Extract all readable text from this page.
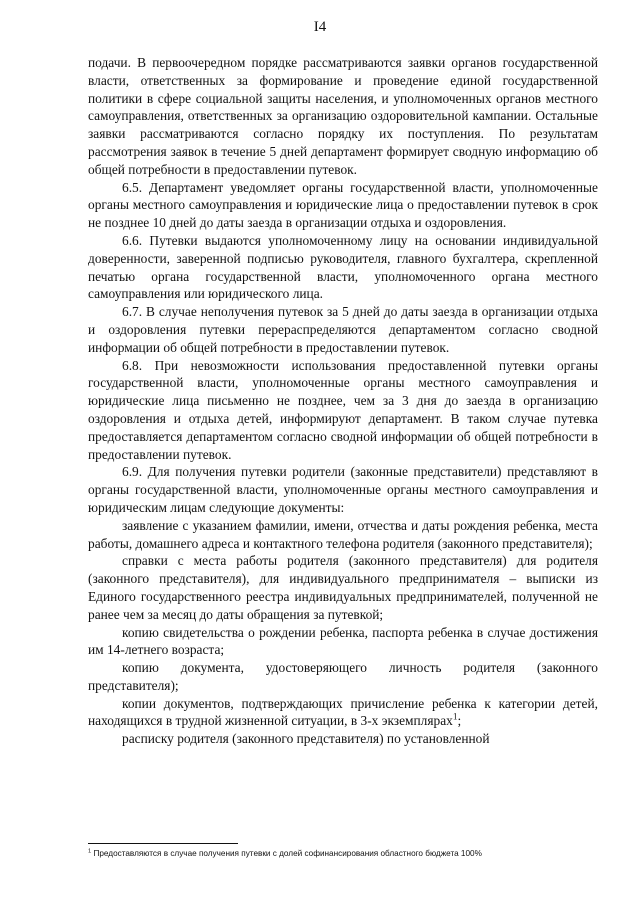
I4

подачи. В первоочередном порядке рассматриваются заявки органов государственной власти, ответственных за формирование и проведение единой государственной политики в сфере социальной защиты населения, и уполномоченных органов местного самоуправления, ответственных за организацию оздоровительной кампании. Остальные заявки рассматриваются согласно порядку их поступления. По результатам рассмотрения заявок в течение 5 дней департамент формирует сводную информацию об общей потребности в предоставлении путевок.

6.5. Департамент уведомляет органы государственной власти, уполномоченные органы местного самоуправления и юридические лица о предоставлении путевок в срок не позднее 10 дней до даты заезда в организации отдыха и оздоровления.

6.6. Путевки выдаются уполномоченному лицу на основании индивидуальной доверенности, заверенной подписью руководителя, главного бухгалтера, скрепленной печатью органа государственной власти, уполномоченного органа местного самоуправления или юридического лица.

6.7. В случае неполучения путевок за 5 дней до даты заезда в организации отдыха и оздоровления путевки перераспределяются департаментом согласно сводной информации об общей потребности в предоставлении путевок.

6.8. При невозможности использования предоставленной путевки органы государственной власти, уполномоченные органы местного самоуправления и юридические лица письменно не позднее, чем за 3 дня до заезда в организацию оздоровления и отдыха детей, информируют департамент. В таком случае путевка предоставляется департаментом согласно сводной информации об общей потребности в предоставлении путевок.

6.9. Для получения путевки родители (законные представители) представляют в органы государственной власти, уполномоченные органы местного самоуправления и юридическим лицам следующие документы:

заявление с указанием фамилии, имени, отчества и даты рождения ребенка, места работы, домашнего адреса и контактного телефона родителя (законного представителя);

справки с места работы родителя (законного представителя) для родителя (законного представителя), для индивидуального предпринимателя – выписки из Единого государственного реестра индивидуальных предпринимателей, полученной не ранее чем за месяц до даты обращения за путевкой;

копию свидетельства о рождении ребенка, паспорта ребенка в случае достижения им 14-летнего возраста;

копию документа, удостоверяющего личность родителя (законного представителя);

копии документов, подтверждающих причисление ребенка к категории детей, находящихся в трудной жизненной ситуации, в 3-х экземплярах$^1$;

расписку родителя (законного представителя) по установленной

$^1$ Предоставляются в случае получения путевки с долей софинансирования областного бюджета 100%
